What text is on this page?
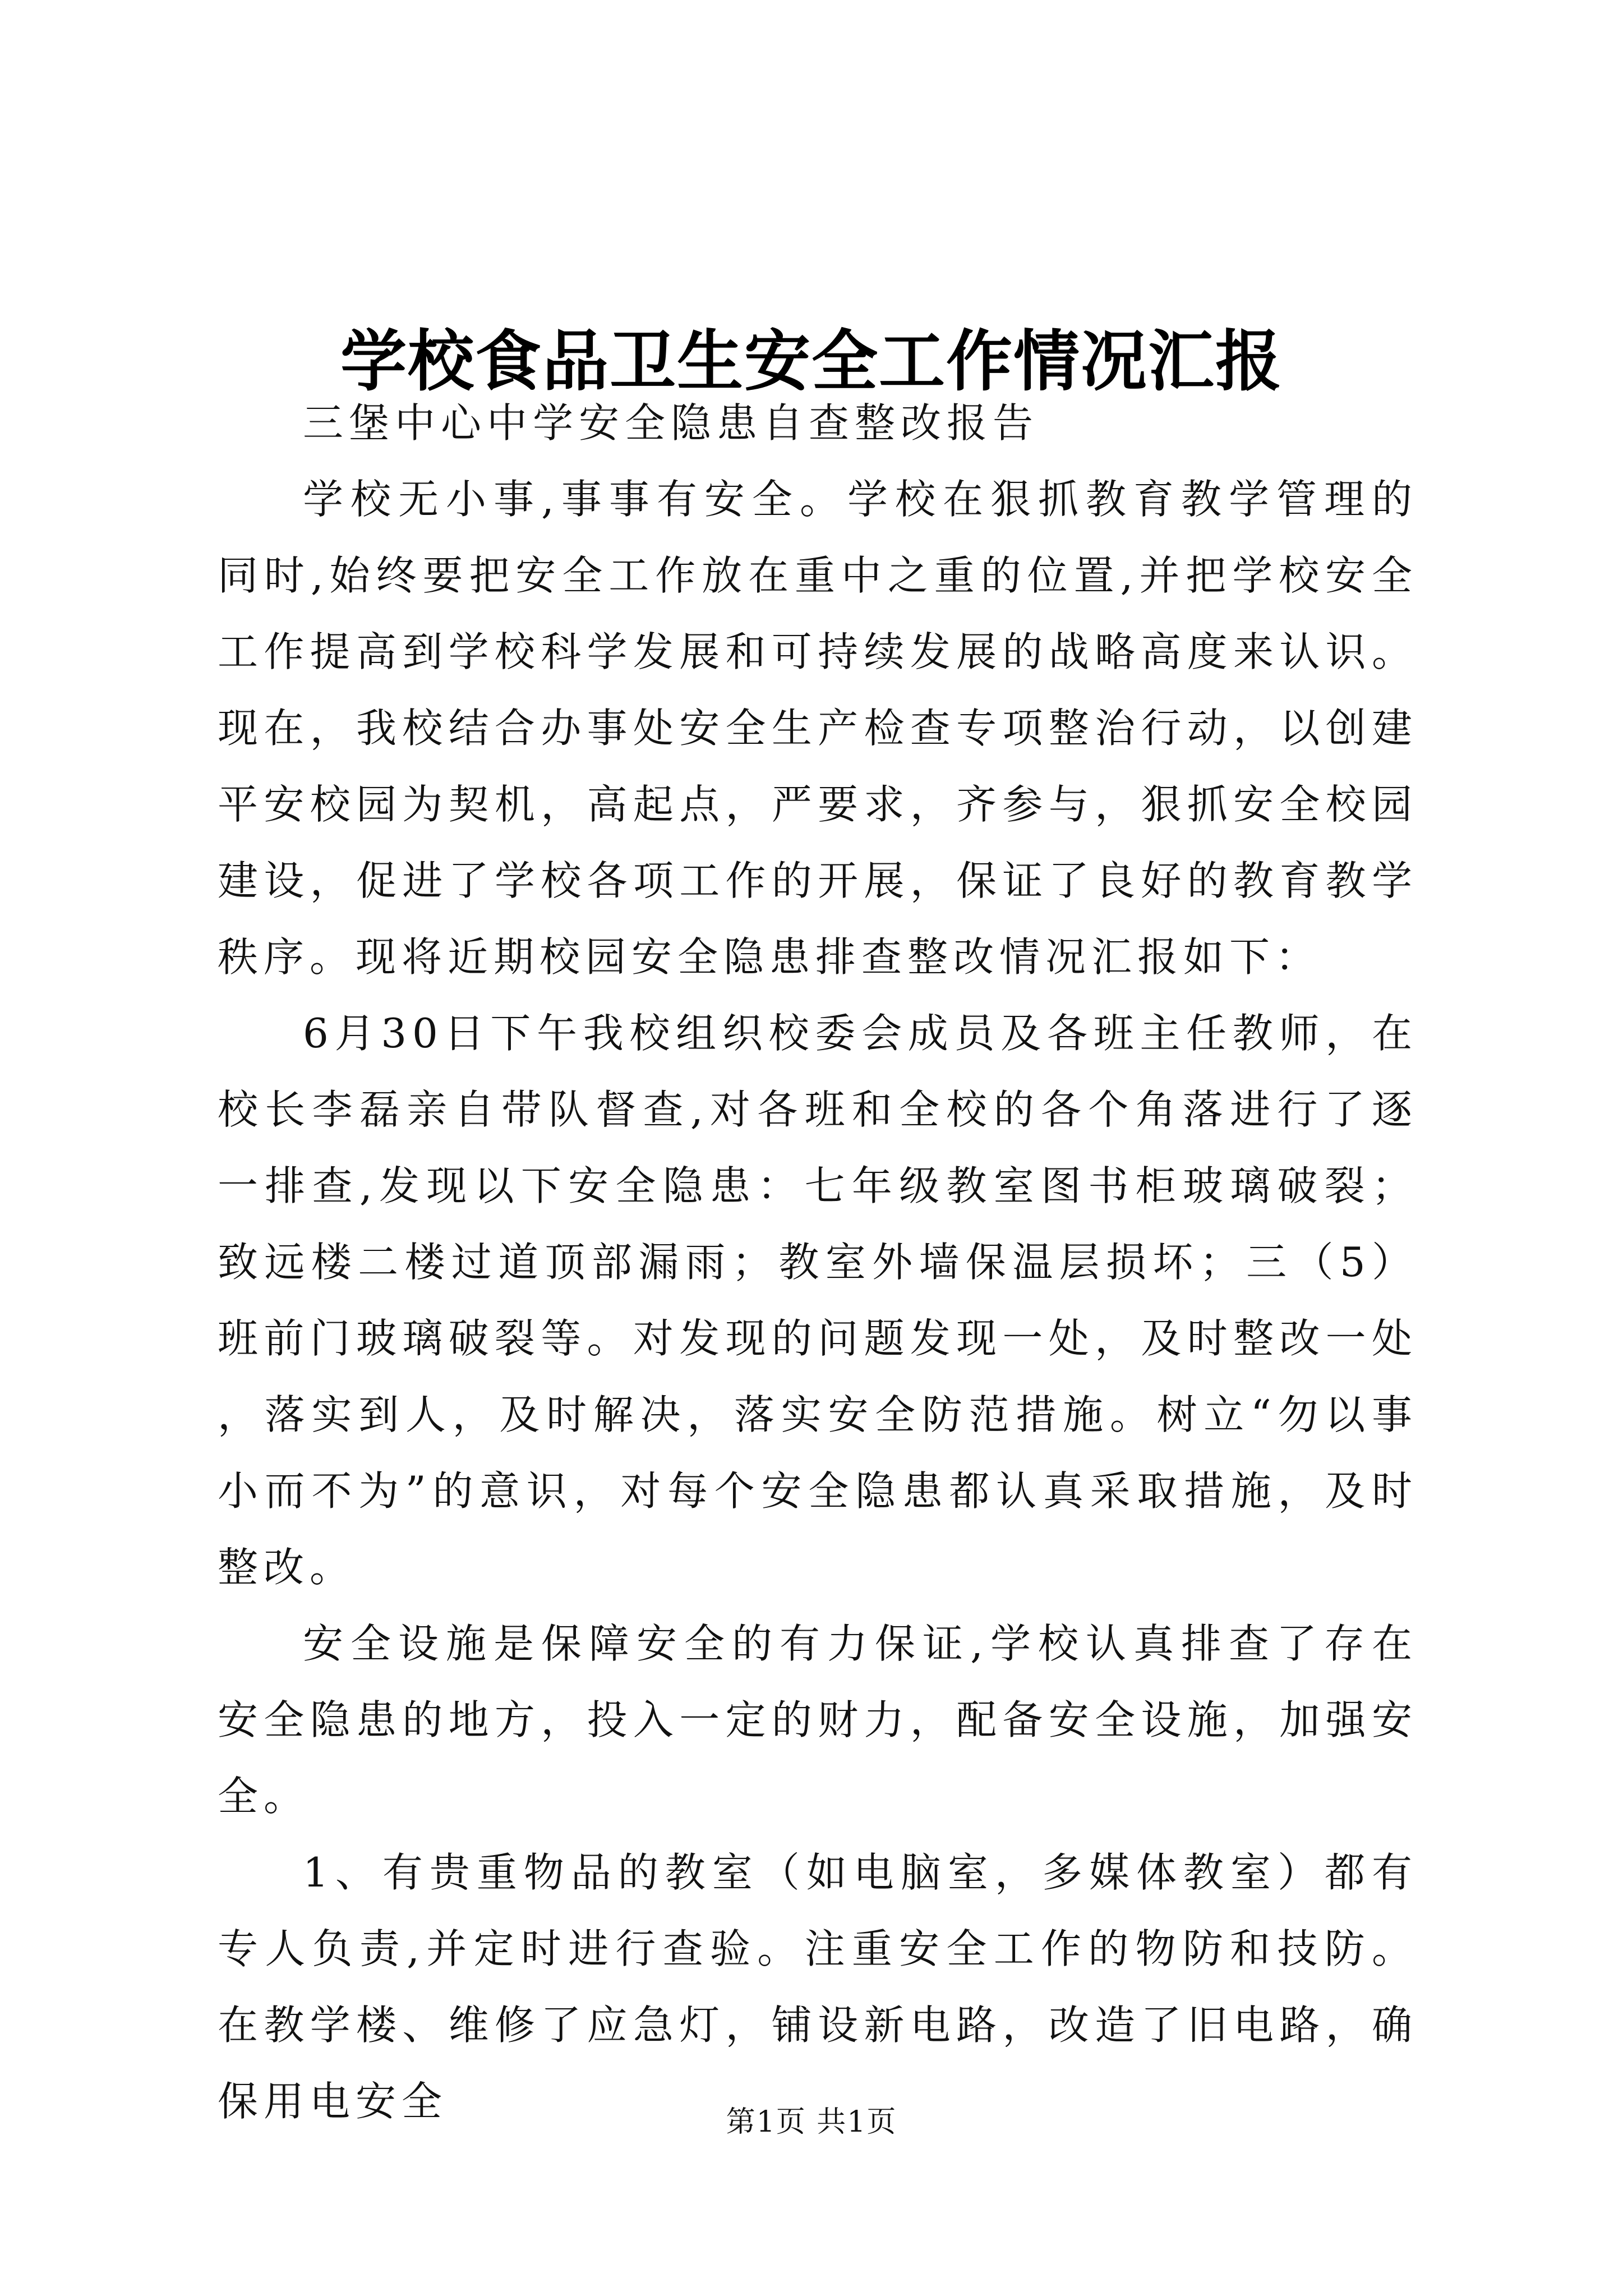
学校食品卫生安全工作情况汇报

三堡中心中学安全隐患自查整改报告

学校无小事,事事有安全。学校在狠抓教育教学管理的同时,始终要把安全工作放在重中之重的位置,并把学校安全工作提高到学校科学发展和可持续发展的战略高度来认识。现在，我校结合办事处安全生产检查专项整治行动，以创建平安校园为契机，高起点，严要求，齐参与，狠抓安全校园建设，促进了学校各项工作的开展，保证了良好的教育教学秩序。现将近期校园安全隐患排查整改情况汇报如下：

6月30日下午我校组织校委会成员及各班主任教师，在校长李磊亲自带队督查,对各班和全校的各个角落进行了逐一排查,发现以下安全隐患：七年级教室图书柜玻璃破裂；致远楼二楼过道顶部漏雨；教室外墙保温层损坏；三（5）班前门玻璃破裂等。对发现的问题发现一处，及时整改一处，落实到人，及时解决，落实安全防范措施。树立“勿以事小而不为”的意识，对每个安全隐患都认真采取措施，及时整改。

安全设施是保障安全的有力保证,学校认真排查了存在安全隐患的地方，投入一定的财力，配备安全设施，加强安全。

1、有贵重物品的教室（如电脑室，多媒体教室）都有专人负责,并定时进行查验。注重安全工作的物防和技防。在教学楼、维修了应急灯，铺设新电路，改造了旧电路，确保用电安全	第1页 共1页
